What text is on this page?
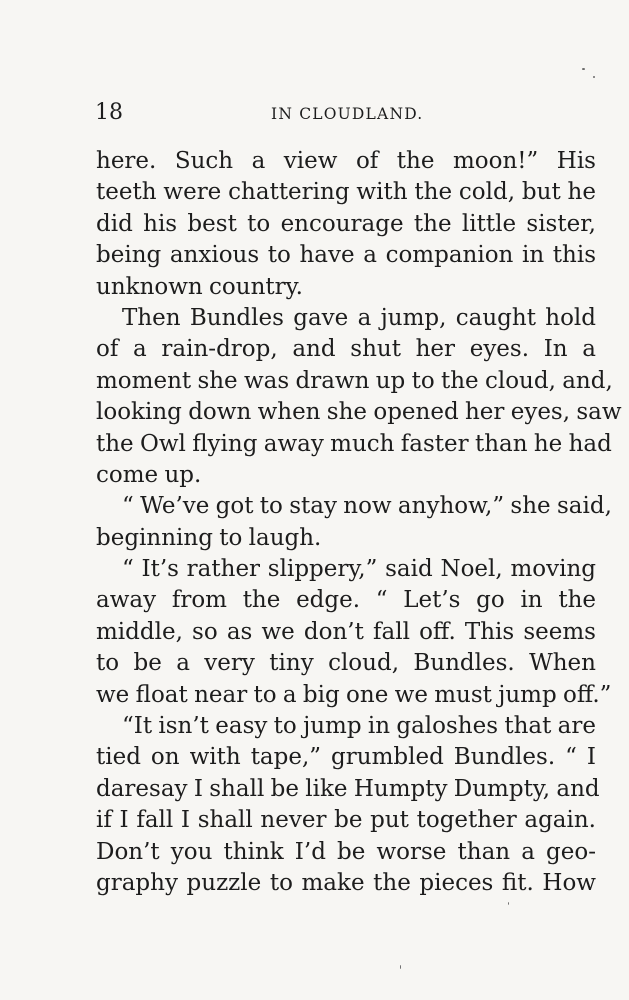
18	IN CLOUDLAND.
here. Such a view of the moon!” His
teeth were chattering with the cold, but he
did his best to encourage the little sister,
being anxious to have a companion in this
unknown country.
Then Bundles gave a jump, caught hold
of a rain-drop, and shut her eyes. In a
moment she was drawn up to the cloud, and,
looking down when she opened her eyes, saw
the Owl flying away much faster than he had
come up.
“ We’ve got to stay now anyhow,” she said,
beginning to laugh.
“ It’s rather slippery,” said Noel, moving
away from the edge. “ Let’s go in the
middle, so as we don’t fall off. This seems
to be a very tiny cloud, Bundles. When
we float near to a big one we must jump off.”
“It isn’t easy to jump in galoshes that are
tied on with tape,” grumbled Bundles. “ I
daresay I shall be like Humpty Dumpty, and
if I fall I shall never be put together again.
Don’t you think I’d be worse than a geo-
graphy puzzle to make the pieces fit. How
